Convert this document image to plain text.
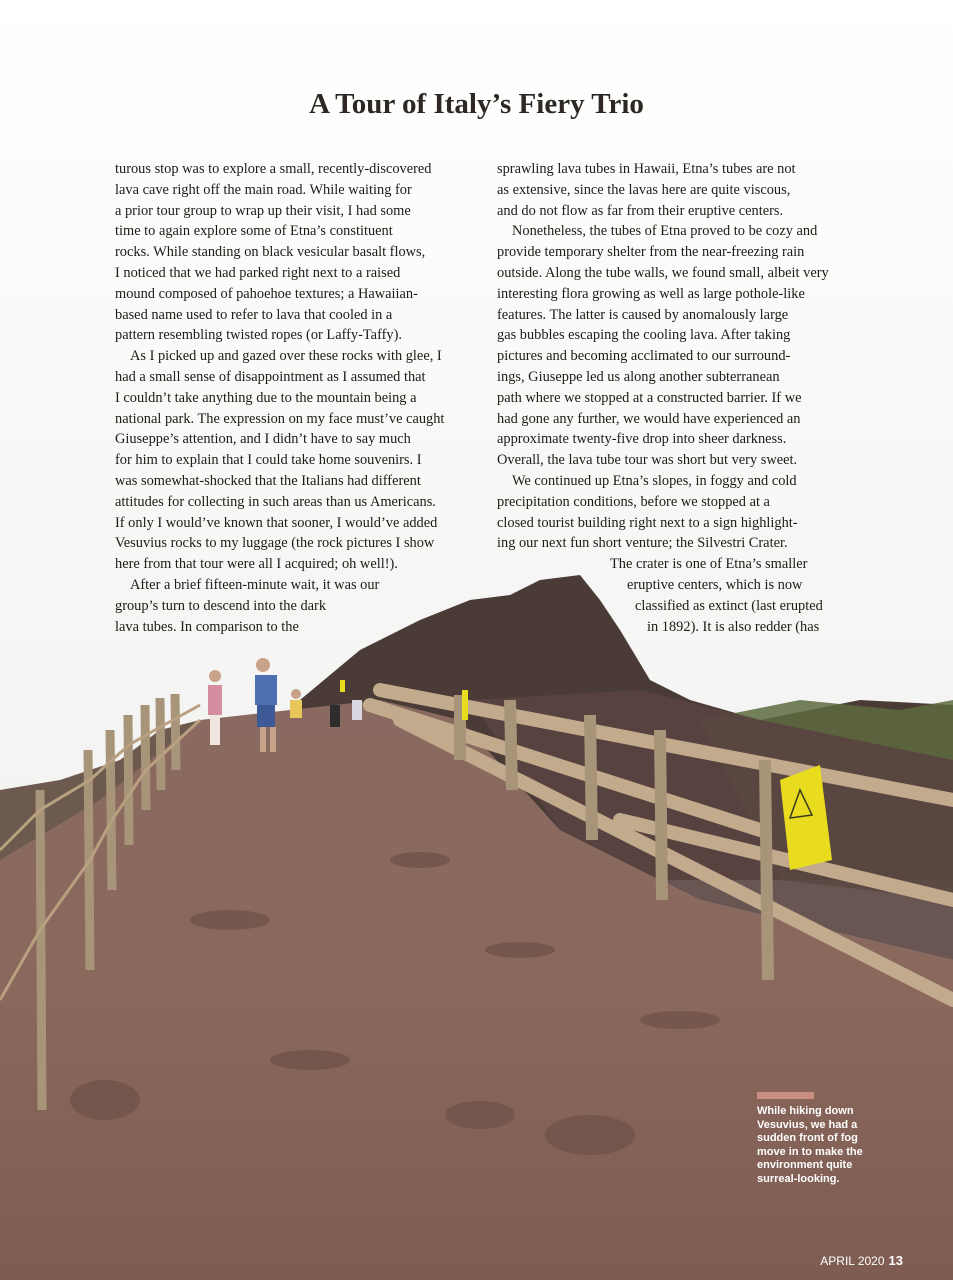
A Tour of Italy’s Fiery Trio
turous stop was to explore a small, recently-discovered
lava cave right off the main road. While waiting for
a prior tour group to wrap up their visit, I had some
time to again explore some of Etna’s constituent
rocks. While standing on black vesicular basalt flows,
I noticed that we had parked right next to a raised
mound composed of pahoehoe textures; a Hawaiian-
based name used to refer to lava that cooled in a
pattern resembling twisted ropes (or Laffy-Taffy).
As I picked up and gazed over these rocks with glee, I
had a small sense of disappointment as I assumed that
I couldn’t take anything due to the mountain being a
national park. The expression on my face must’ve caught
Giuseppe’s attention, and I didn’t have to say much
for him to explain that I could take home souvenirs. I
was somewhat-shocked that the Italians had different
attitudes for collecting in such areas than us Americans.
If only I would’ve known that sooner, I would’ve added
Vesuvius rocks to my luggage (the rock pictures I show
here from that tour were all I acquired; oh well!).
After a brief fifteen-minute wait, it was our
group’s turn to descend into the dark
lava tubes. In comparison to the
sprawling lava tubes in Hawaii, Etna’s tubes are not
as extensive, since the lavas here are quite viscous,
and do not flow as far from their eruptive centers.
Nonetheless, the tubes of Etna proved to be cozy and
provide temporary shelter from the near-freezing rain
outside. Along the tube walls, we found small, albeit very
interesting flora growing as well as large pothole-like
features. The latter is caused by anomalously large
gas bubbles escaping the cooling lava. After taking
pictures and becoming acclimated to our surround-
ings, Giuseppe led us along another subterranean
path where we stopped at a constructed barrier. If we
had gone any further, we would have experienced an
approximate twenty-five drop into sheer darkness.
Overall, the lava tube tour was short but very sweet.
We continued up Etna’s slopes, in foggy and cold
precipitation conditions, before we stopped at a
closed tourist building right next to a sign highlight-
ing our next fun short venture; the Silvestri Crater.
The crater is one of Etna’s smaller
eruptive centers, which is now
classified as extinct (last erupted
in 1892). It is also redder (has
While hiking down Vesuvius, we had a sudden front of fog move in to make the environment quite surreal-looking.
APRIL 2020 13
